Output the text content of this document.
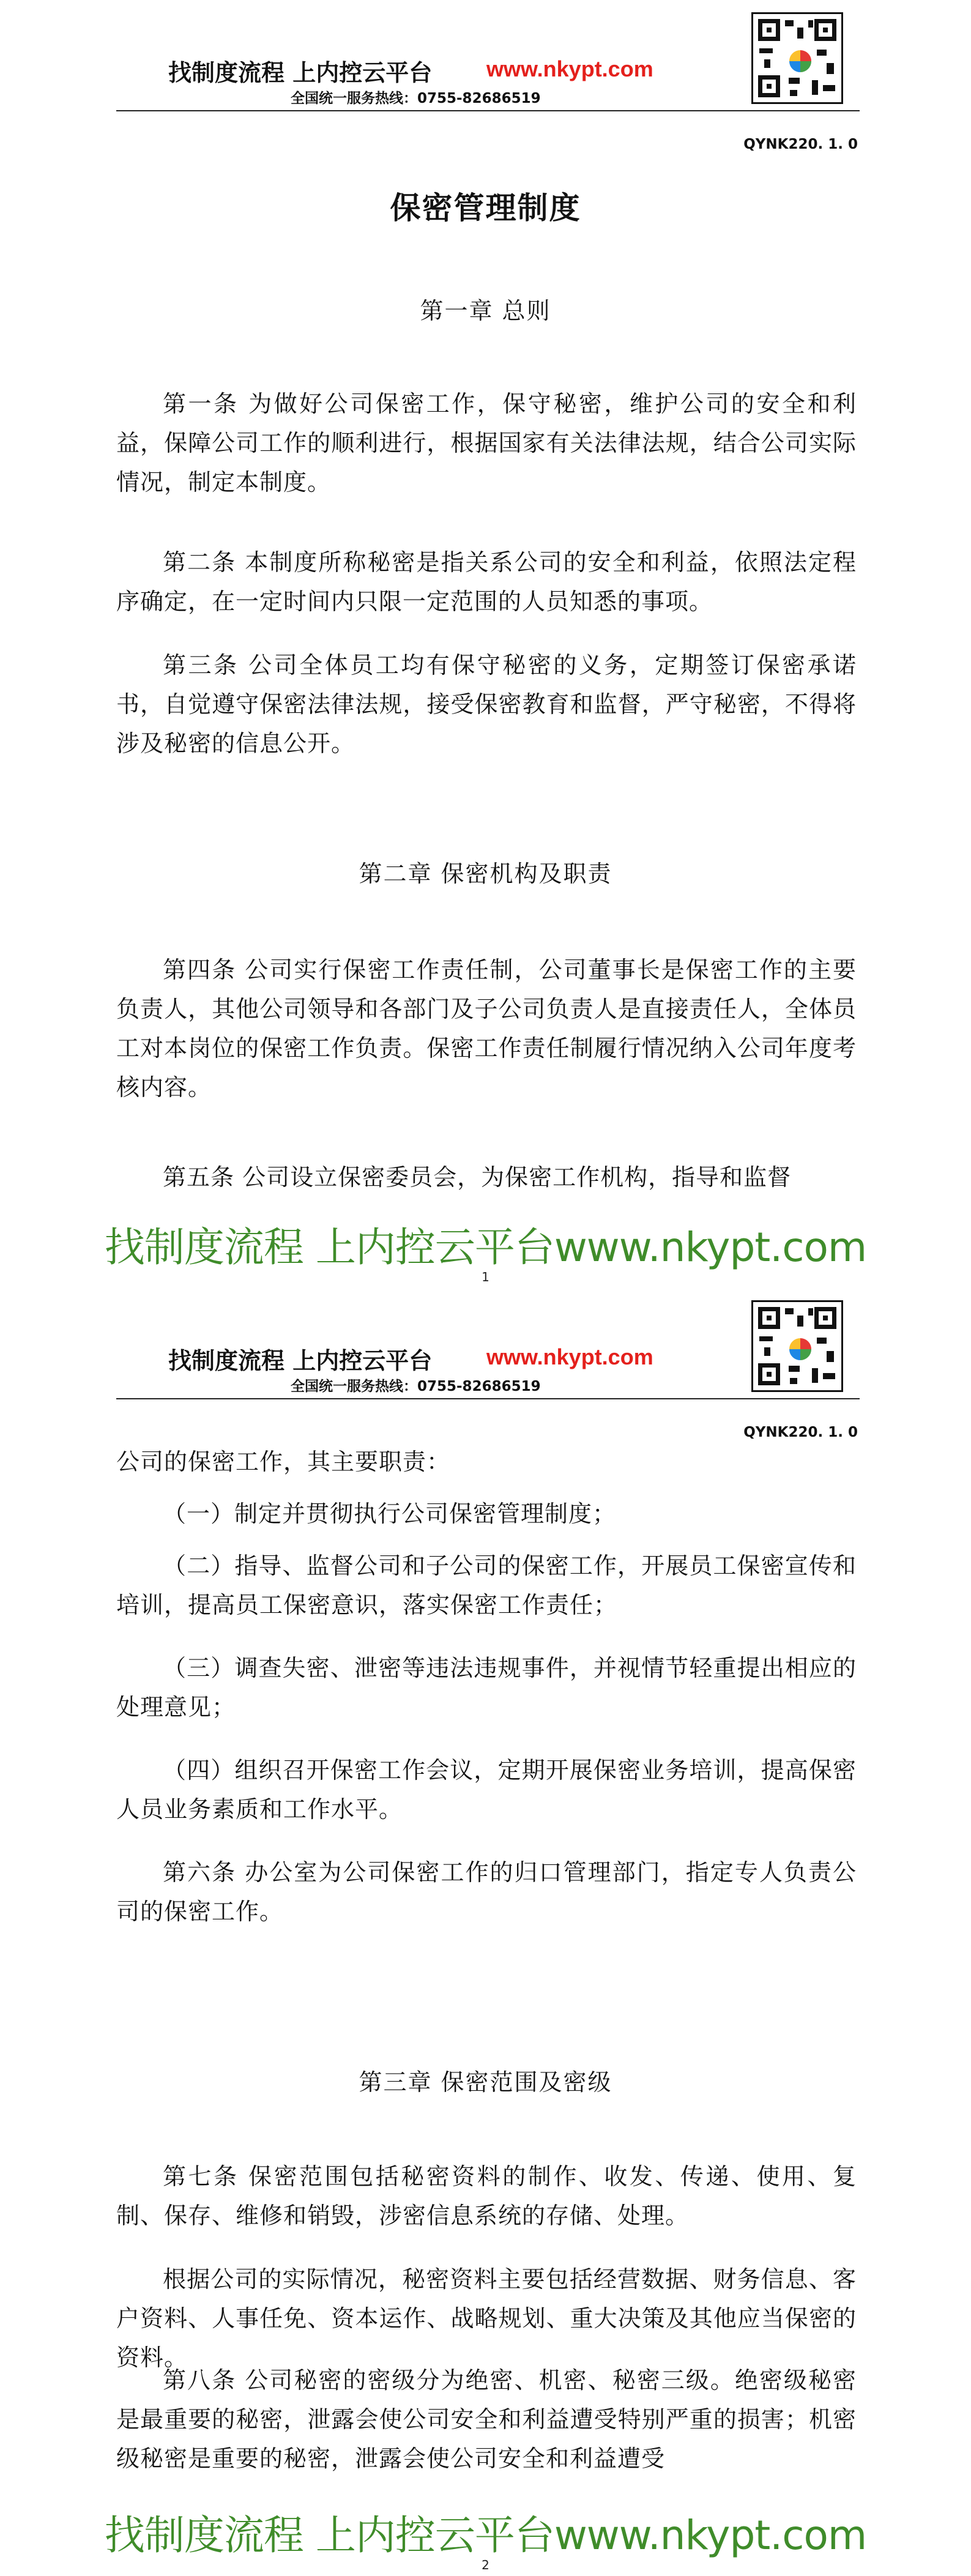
找制度流程 上内控云平台 www.nkypt.com
全国统一服务热线：0755-82686519
QYNK220. 1. 0
保密管理制度
第一章 总则
第一条 为做好公司保密工作，保守秘密，维护公司的安全和利益，保障公司工作的顺利进行，根据国家有关法律法规，结合公司实际情况，制定本制度。
第二条 本制度所称秘密是指关系公司的安全和利益，依照法定程序确定，在一定时间内只限一定范围的人员知悉的事项。
第三条 公司全体员工均有保守秘密的义务，定期签订保密承诺书，自觉遵守保密法律法规，接受保密教育和监督，严守秘密，不得将涉及秘密的信息公开。
第二章 保密机构及职责
第四条 公司实行保密工作责任制，公司董事长是保密工作的主要负责人，其他公司领导和各部门及子公司负责人是直接责任人，全体员工对本岗位的保密工作负责。保密工作责任制履行情况纳入公司年度考核内容。
第五条 公司设立保密委员会，为保密工作机构，指导和监督
找制度流程 上内控云平台www.nkypt.com
1
找制度流程 上内控云平台 www.nkypt.com
全国统一服务热线：0755-82686519
QYNK220. 1. 0
公司的保密工作，其主要职责：
（一）制定并贯彻执行公司保密管理制度；
（二）指导、监督公司和子公司的保密工作，开展员工保密宣传和培训，提高员工保密意识，落实保密工作责任；
（三）调查失密、泄密等违法违规事件，并视情节轻重提出相应的处理意见；
（四）组织召开保密工作会议，定期开展保密业务培训，提高保密人员业务素质和工作水平。
第六条 办公室为公司保密工作的归口管理部门，指定专人负责公司的保密工作。
第三章 保密范围及密级
第七条 保密范围包括秘密资料的制作、收发、传递、使用、复制、保存、维修和销毁，涉密信息系统的存储、处理。
根据公司的实际情况，秘密资料主要包括经营数据、财务信息、客户资料、人事任免、资本运作、战略规划、重大决策及其他应当保密的资料。
第八条 公司秘密的密级分为绝密、机密、秘密三级。绝密级秘密是最重要的秘密，泄露会使公司安全和利益遭受特别严重的损害；机密级秘密是重要的秘密，泄露会使公司安全和利益遭受
找制度流程 上内控云平台www.nkypt.com
2
